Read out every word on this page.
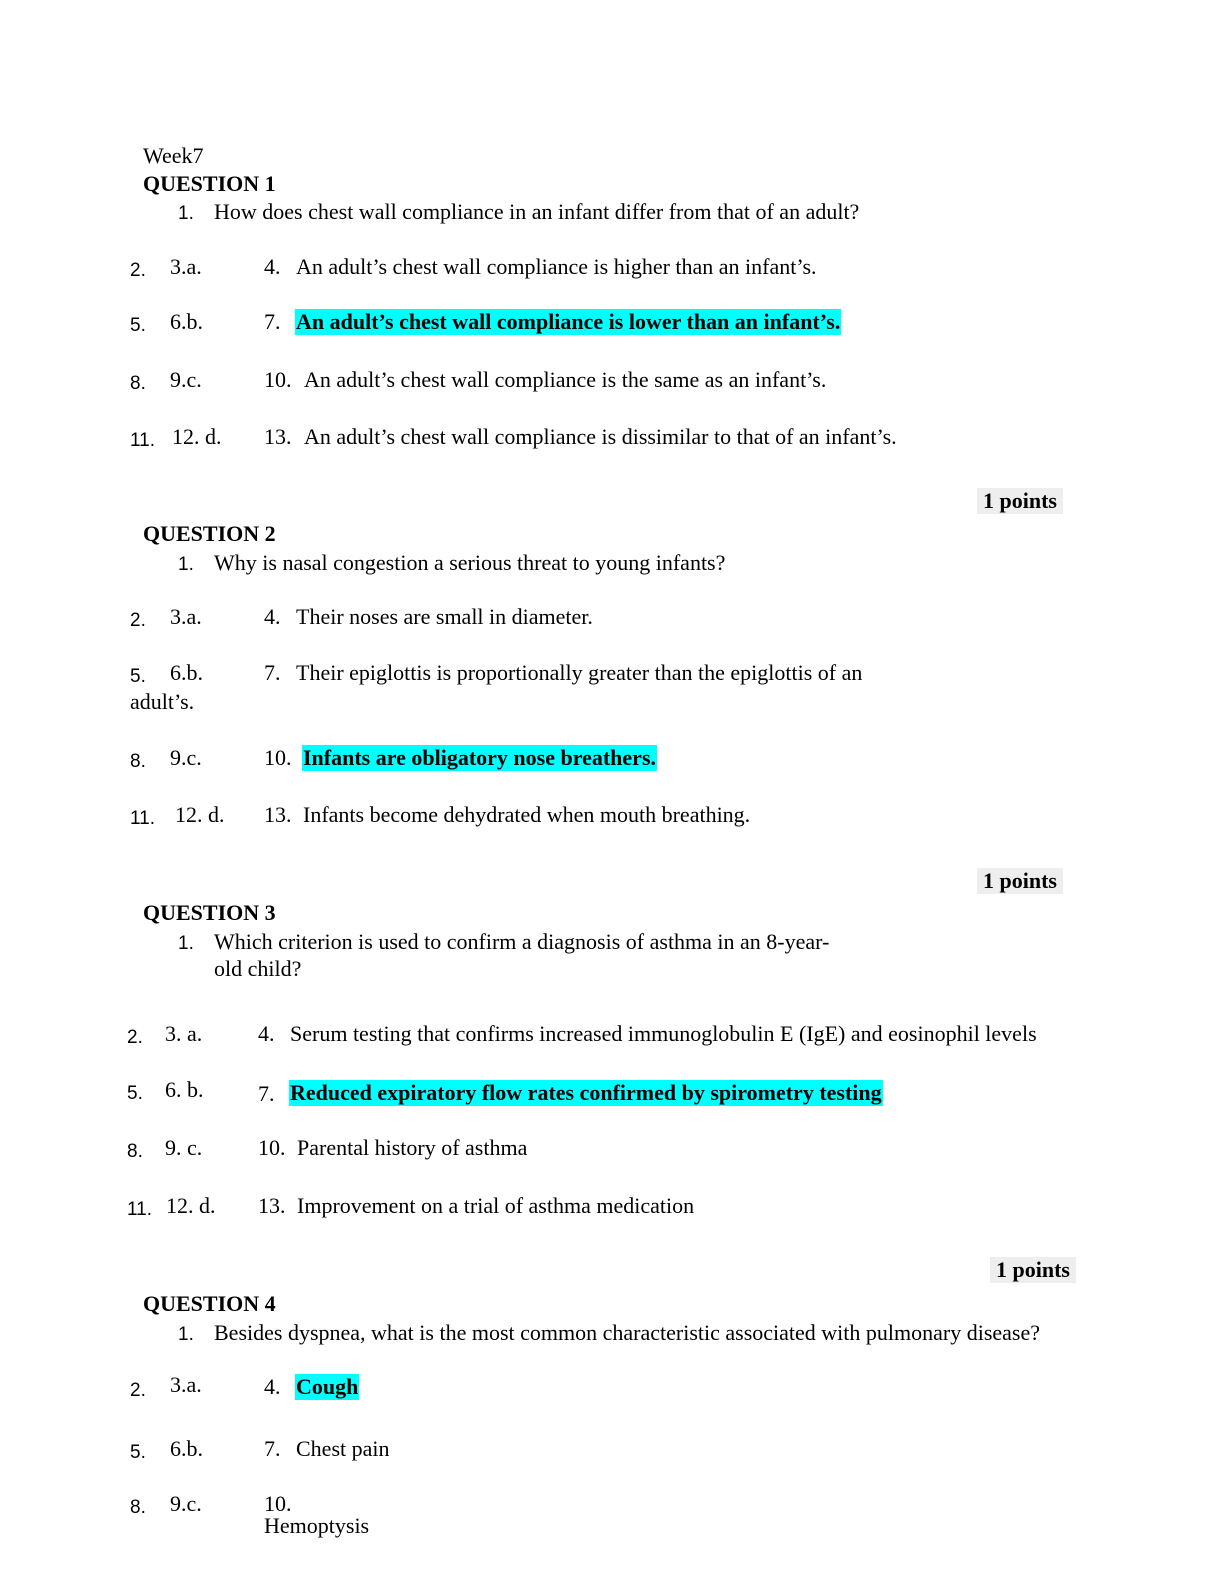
Week7
QUESTION 1
1. How does chest wall compliance in an infant differ from that of an adult?
2. 3.a.	4. An adult’s chest wall compliance is higher than an infant’s.
5. 6.b.	7. An adult’s chest wall compliance is lower than an infant’s.
8. 9.c.	10. An adult’s chest wall compliance is the same as an infant’s.
11. 12. d. 13. An adult’s chest wall compliance is dissimilar to that of an infant’s.
1 points
QUESTION 2
1. Why is nasal congestion a serious threat to young infants?
2. 3.a.	4. Their noses are small in diameter.
5. 6.b.	7. Their epiglottis is proportionally greater than the epiglottis of an
adult’s.
8. 9.c.	10. Infants are obligatory nose breathers.
11. 12. d. 13. Infants become dehydrated when mouth breathing.
1 points
QUESTION 3
1. Which criterion is used to confirm a diagnosis of asthma in an 8-year-
old child?
2. 3. a.	4. Serum testing that confirms increased immunoglobulin E (IgE) and eosinophil levels
5. 6. b. 7. Reduced expiratory flow rates confirmed by spirometry testing
8. 9. c.	10. Parental history of asthma
11. 12. d. 13. Improvement on a trial of asthma medication
1 points
QUESTION 4
1. Besides dyspnea, what is the most common characteristic associated with pulmonary disease?
2. 3.a.	4. Cough
5. 6.b.	7. Chest pain
8. 9.c.	10.
Hemoptysis
